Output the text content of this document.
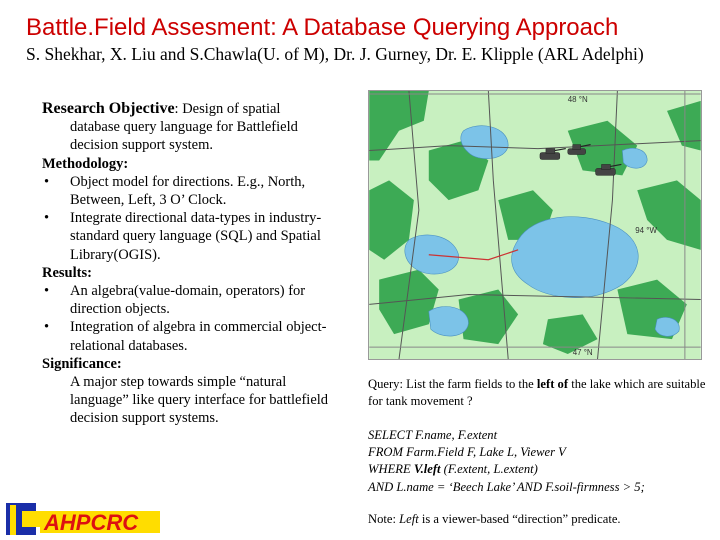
Battle.Field Assesment: A Database Querying Approach
S. Shekhar, X. Liu and S.Chawla(U. of M), Dr. J. Gurney, Dr. E. Klipple (ARL Adelphi)
Research Objective: Design of spatial
database query language for Battlefield decision support system.
Methodology:
• Object model for directions. E.g., North, Between, Left, 3 O’ Clock.
• Integrate directional data-types in industry-standard query language (SQL) and Spatial Library(OGIS).
Results:
• An algebra(value-domain, operators) for direction objects.
• Integration of algebra in commercial object-relational databases.
Significance:
A major step towards simple “natural language” like query interface for battlefield decision support systems.
48 °N
94 °W
47 °N
Query: List the farm fields to the left of the lake which are suitable for tank movement ?
SELECT F.name, F.extent
FROM Farm.Field F, Lake L, Viewer V
WHERE V.left (F.extent, L.extent)
AND L.name = ‘Beech Lake’ AND F.soil-firmness > 5;
Note: Left is a viewer-based “direction” predicate.
AHPCRC
